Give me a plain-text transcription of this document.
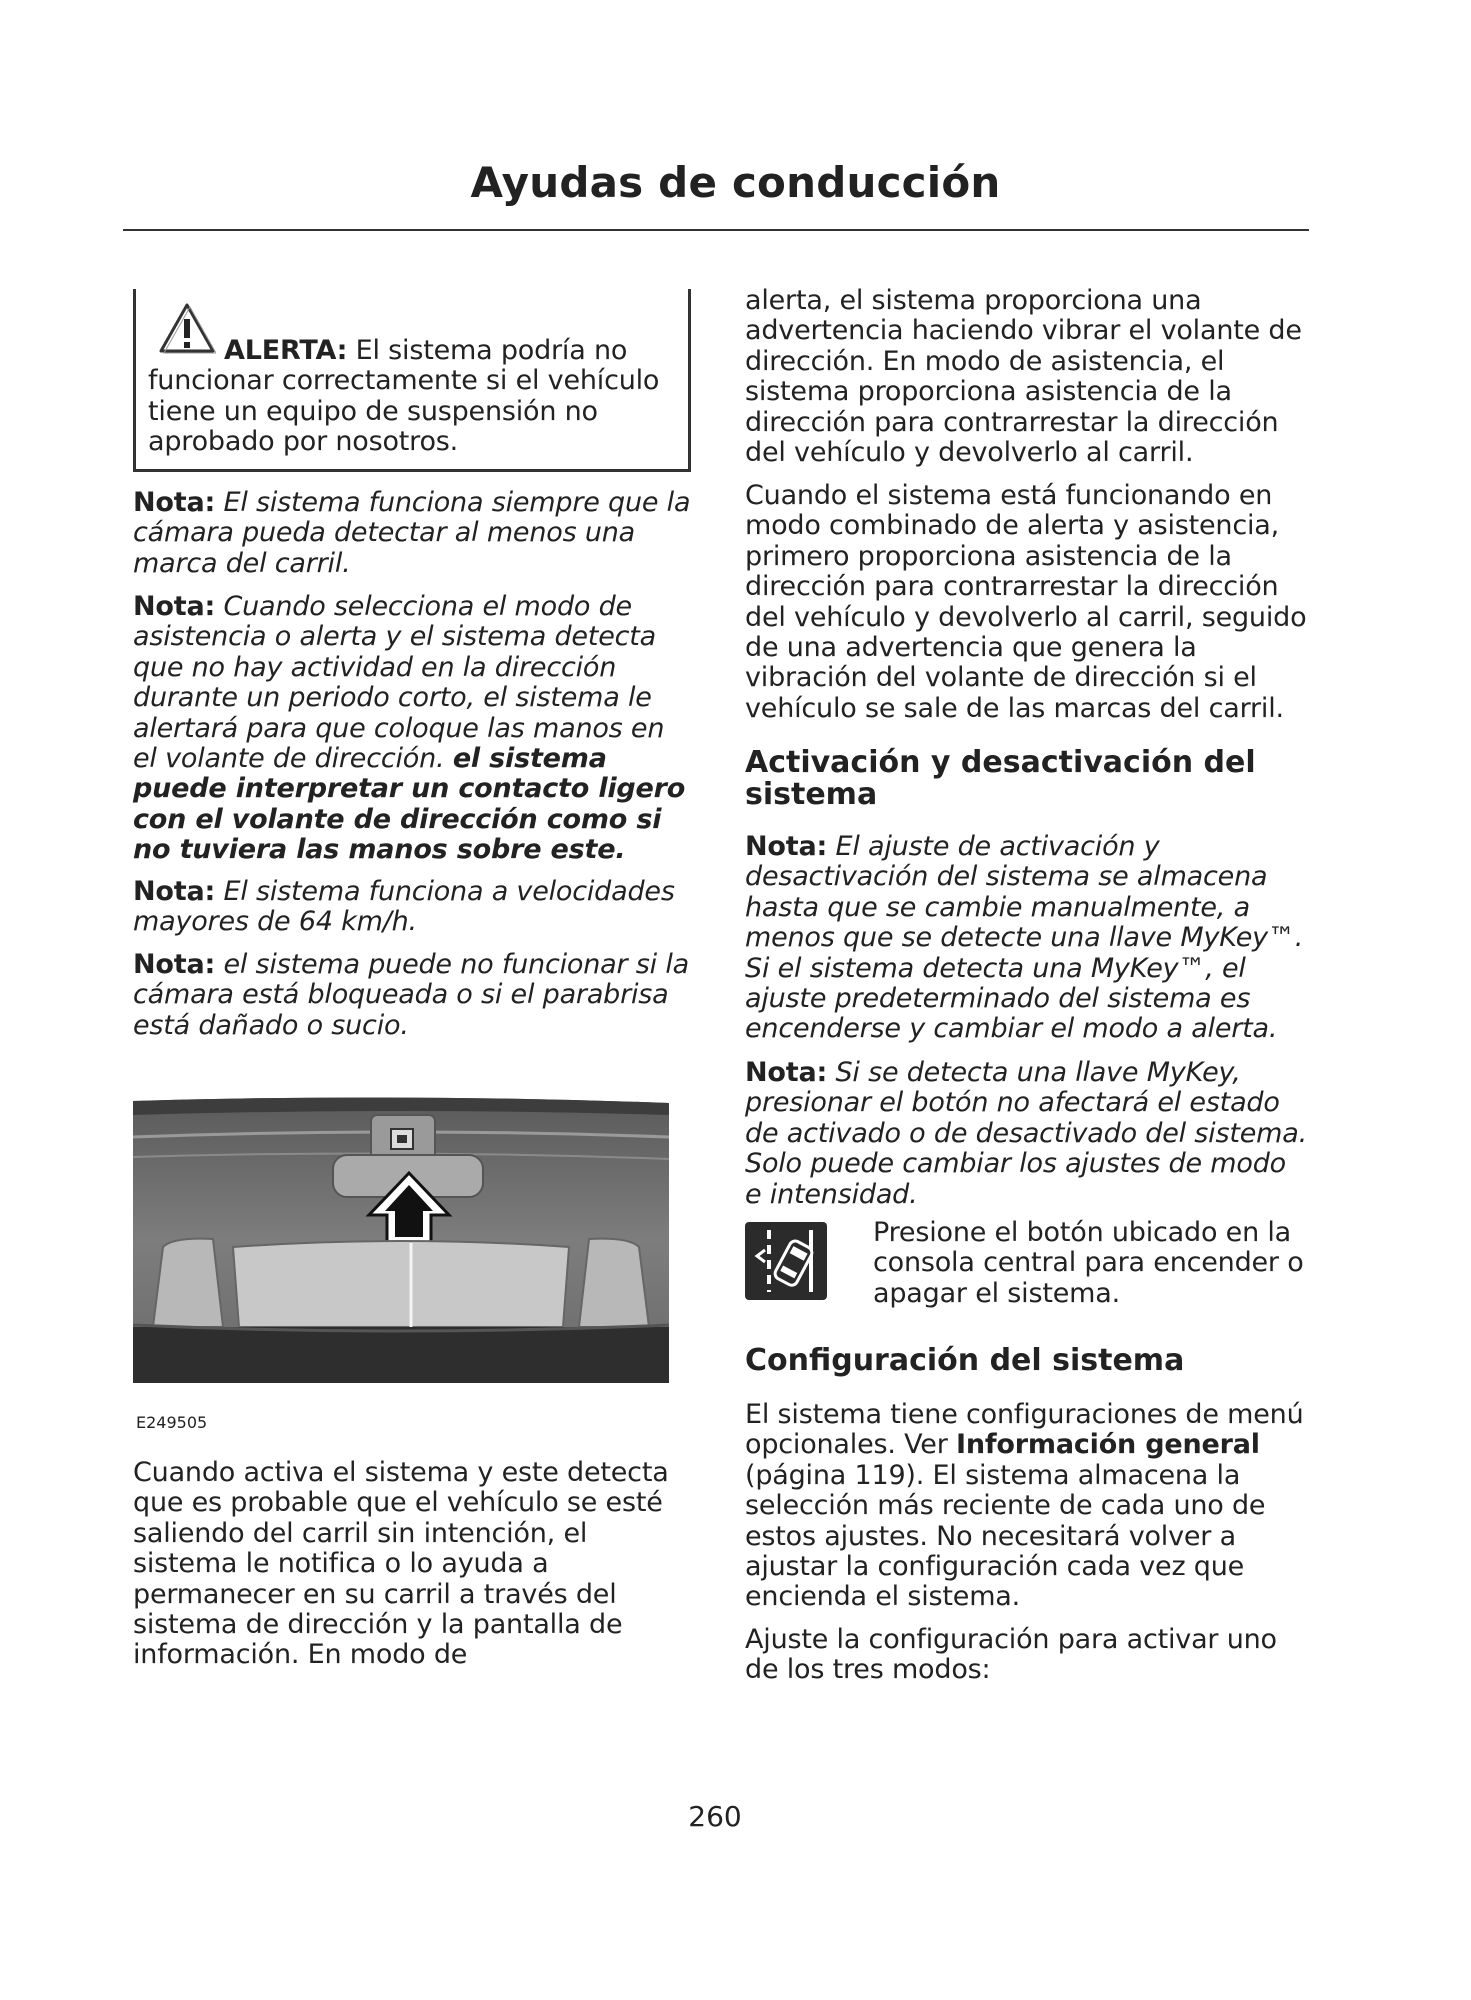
Ayudas de conducción

ALERTA: El sistema podría no funcionar correctamente si el vehículo tiene un equipo de suspensión no aprobado por nosotros.

Nota: El sistema funciona siempre que la cámara pueda detectar al menos una marca del carril.

Nota: Cuando selecciona el modo de asistencia o alerta y el sistema detecta que no hay actividad en la dirección durante un periodo corto, el sistema le alertará para que coloque las manos en el volante de dirección. el sistema puede interpretar un contacto ligero con el volante de dirección como si no tuviera las manos sobre este.

Nota: El sistema funciona a velocidades mayores de 64 km/h.

Nota: el sistema puede no funcionar si la cámara está bloqueada o si el parabrisa está dañado o sucio.

E249505

Cuando activa el sistema y este detecta que es probable que el vehículo se esté saliendo del carril sin intención, el sistema le notifica o lo ayuda a permanecer en su carril a través del sistema de dirección y la pantalla de información. En modo de

alerta, el sistema proporciona una advertencia haciendo vibrar el volante de dirección. En modo de asistencia, el sistema proporciona asistencia de la dirección para contrarrestar la dirección del vehículo y devolverlo al carril.

Cuando el sistema está funcionando en modo combinado de alerta y asistencia, primero proporciona asistencia de la dirección para contrarrestar la dirección del vehículo y devolverlo al carril, seguido de una advertencia que genera la vibración del volante de dirección si el vehículo se sale de las marcas del carril.

Activación y desactivación del sistema

Nota: El ajuste de activación y desactivación del sistema se almacena hasta que se cambie manualmente, a menos que se detecte una llave MyKey™. Si el sistema detecta una MyKey™, el ajuste predeterminado del sistema es encenderse y cambiar el modo a alerta.

Nota: Si se detecta una llave MyKey, presionar el botón no afectará el estado de activado o de desactivado del sistema. Solo puede cambiar los ajustes de modo e intensidad.

Presione el botón ubicado en la consola central para encender o apagar el sistema.

Configuración del sistema

El sistema tiene configuraciones de menú opcionales. Ver Información general (página 119). El sistema almacena la selección más reciente de cada uno de estos ajustes. No necesitará volver a ajustar la configuración cada vez que encienda el sistema.

Ajuste la configuración para activar uno de los tres modos:

260
